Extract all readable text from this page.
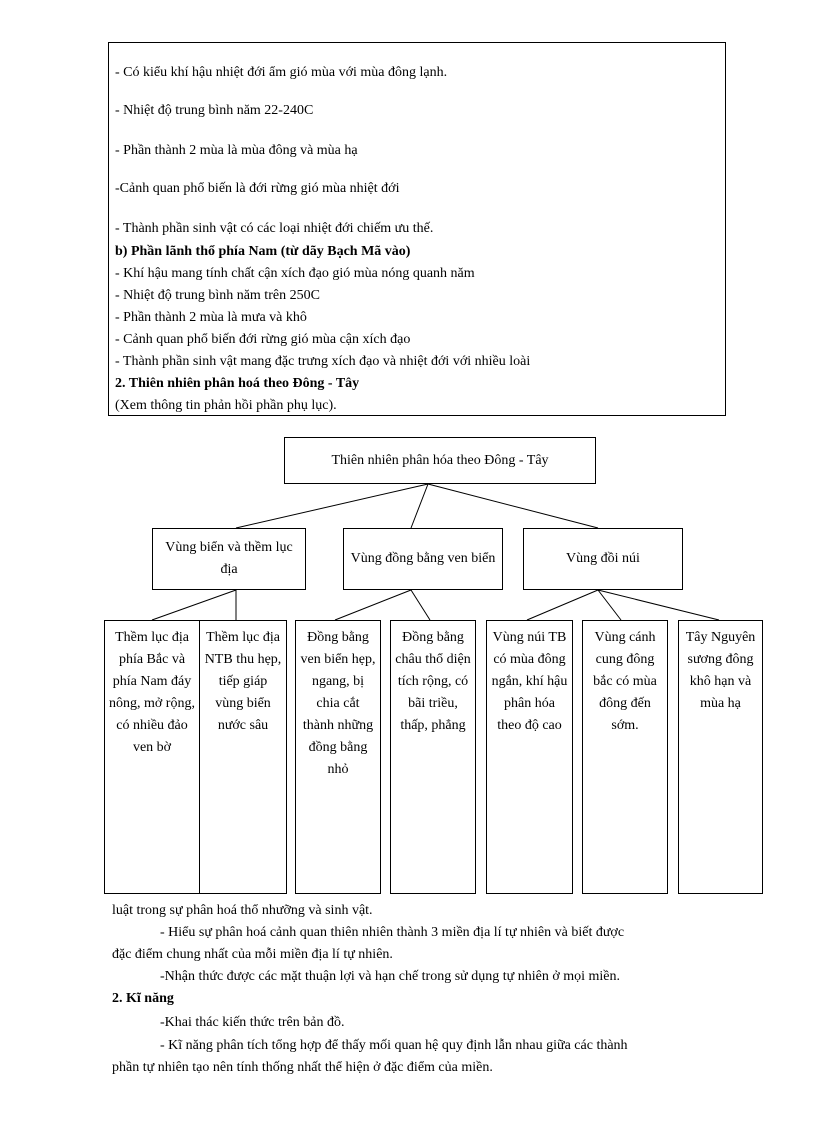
- Có kiểu khí hậu nhiệt đới ẩm gió mùa với mùa đông lạnh.
- Nhiệt độ trung bình năm 22-240C
- Phần thành 2 mùa là mùa đông và mùa hạ
-Cảnh quan phổ biến là đới rừng gió mùa nhiệt đới
- Thành phần sinh vật có các loại nhiệt đới chiếm ưu thế.
b) Phần lãnh thổ phía Nam (từ dãy Bạch Mã vào)
- Khí hậu mang tính chất cận xích đạo gió mùa nóng quanh năm
- Nhiệt độ trung bình năm trên 250C
- Phần thành 2 mùa là mưa và khô
- Cảnh quan phổ biến đới rừng gió mùa cận xích đạo
- Thành phần sinh vật mang đặc trưng xích đạo và nhiệt đới với nhiều loài
2. Thiên nhiên phân hoá theo Đông - Tây
(Xem thông tin phản hồi phần phụ lục).
luật trong sự phân hoá thổ nhưỡng và sinh vật.
- Hiểu sự phân hoá cảnh quan thiên nhiên thành 3 miền địa lí tự nhiên và biết được
đặc điểm chung nhất của mỗi miền địa lí tự nhiên.
-Nhận thức được các mặt thuận lợi và hạn chế trong sử dụng tự nhiên ở mọi miền.
2. Kĩ năng
-Khai thác kiến thức trên bản đồ.
- Kĩ năng phân tích tổng hợp để thấy mối quan hệ quy định lẫn nhau giữa các thành
phần tự nhiên tạo nên tính thống nhất thể hiện ở đặc điểm của miền.
Thiên nhiên phân hóa theo Đông - Tây
Vùng biển và thềm lục địa
Vùng đồng bằng ven biển	Vùng đồi núi
Thềm lục địa phía Bắc và phía Nam đáy nông, mở rộng, có nhiều đảo ven bờ
Thềm lục địa NTB thu hẹp, tiếp giáp vùng biển nước sâu
Đồng bằng ven biển hẹp, ngang, bị chia cắt thành những đồng bằng nhỏ
Đồng bằng châu thổ diện tích rộng, có bãi triều, thấp, phẳng
Vùng núi TB có mùa đông ngắn, khí hậu phân hóa theo độ cao
Vùng cánh cung đông bắc có mùa đông đến sớm.
Tây Nguyên sương đông khô hạn và mùa hạ
